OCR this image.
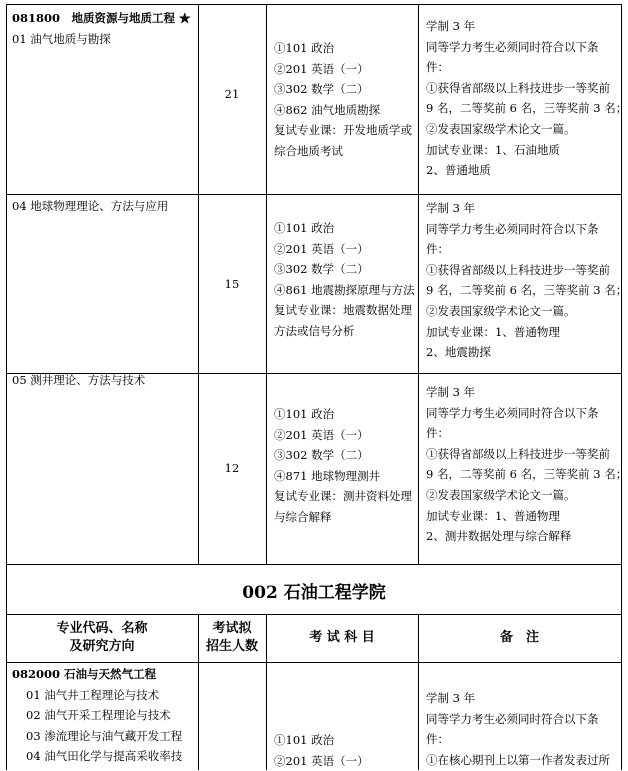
081800　地质资源与地质工程 ★
01 油气地质与勘探
21
①101 政治
②201 英语（一）
③302 数学（二）
④862 油气地质勘探
复试专业课：开发地质学或
综合地质考试
学制 3 年
同等学力考生必须同时符合以下条
件：
①获得省部级以上科技进步一等奖前
9 名，二等奖前 6 名，三等奖前 3 名；
②发表国家级学术论文一篇。
加试专业课：1、石油地质
2、普通地质
04 地球物理理论、方法与应用
15
①101 政治
②201 英语（一）
③302 数学（二）
④861 地震勘探原理与方法
复试专业课：地震数据处理
方法或信号分析
学制 3 年
同等学力考生必须同时符合以下条
件：
①获得省部级以上科技进步一等奖前
9 名，二等奖前 6 名，三等奖前 3 名；
②发表国家级学术论文一篇。
加试专业课：1、普通物理
2、地震勘探
05 测井理论、方法与技术
12
①101 政治
②201 英语（一）
③302 数学（二）
④871 地球物理测井
复试专业课：测井资料处理
与综合解释
学制 3 年
同等学力考生必须同时符合以下条
件：
①获得省部级以上科技进步一等奖前
9 名，二等奖前 6 名，三等奖前 3 名；
②发表国家级学术论文一篇。
加试专业课：1、普通物理
2、测井数据处理与综合解释
002 石油工程学院
专业代码、名称
及研究方向
考试拟
招生人数
考 试 科 目	备　注
082000 石油与天然气工程
01 油气井工程理论与技术
02 油气开采工程理论与技术
03 渗流理论与油气藏开发工程
04 油气田化学与提高采收率技
①101 政治
②201 英语（一）
学制 3 年
同等学力考生必须同时符合以下条
件：
①在核心期刊上以第一作者发表过所
